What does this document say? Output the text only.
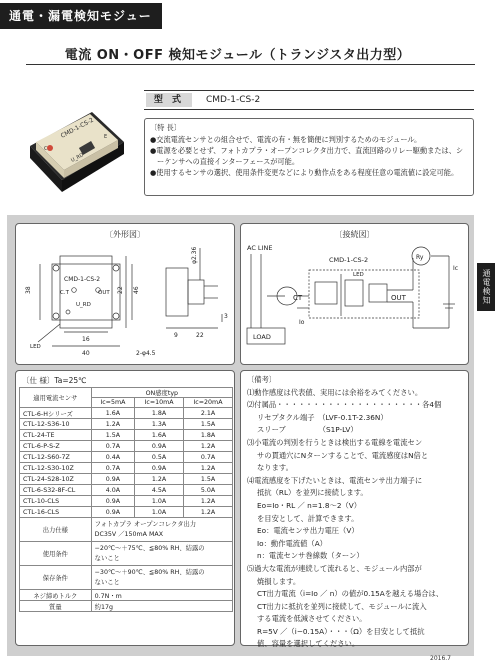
通電・漏電検知モジュール
電流 ON・OFF 検知モジュール（トランジスタ出力型）
CMD-1-CS-2
C
E
U_RD
型 式	CMD-1-CS-2
〔特 長〕
●交流電流センサとの組合せで、電流の有・無を簡便に判別するためのモジュール。
●電源を必要とせず、フォトカプラ・オープンコレクタ出力で、直流回路のリレー駆動または、シーケンサへの直接インターフェースが可能。
●使用するセンサの選択、使用条件変更などにより動作点をある程度任意の電流値に設定可能。
通電検知
〔外形図〕
CMD-1-CS-2
C.T	OUT
U_RD
38	46
22
16
40	2-φ4.5
φ2.36
9	22
3
LED
〔接続図〕
AC LINE
CMD-1-CS-2
LED
CT	OUT
Io
Ic
Ry
LOAD
〔仕 様〕Ta=25℃
適用電流センサ	ON感度typ		
	Ic=5mA	Ic=10mA	Ic=20mA
CTL-6-Hシリーズ	1.6A	1.8A	2.1A
CTL-12-S36-10	1.2A	1.3A	1.5A
CTL-24-TE	1.5A	1.6A	1.8A
CTL-6-P-S-Z	0.7A	0.9A	1.2A
CTL-12-S60-7Z	0.4A	0.5A	0.7A
CTL-12-S30-10Z	0.7A	0.9A	1.2A
CTL-24-S28-10Z	0.9A	1.2A	1.5A
CTL-6-S32-8F-CL	4.0A	4.5A	5.0A
CTL-10-CLS	0.9A	1.0A	1.2A
CTL-16-CLS	0.9A	1.0A	1.2A
出力仕様	フォトカプラ オープンコレクタ出力
DC35V ／150mA MAX		
使用条件	−20℃〜＋75℃、≦80% RH、結露の
ないこと		
保存条件	−30℃〜＋90℃、≦80% RH、結露の
ないこと		
ネジ締めトルク	0.7N・m		
質量	約17g		

〔備考〕

⑴動作感度は代表値、実用には余裕をみてください。

⑵付属品・・・・・・・・・・・・・・・・・・・・各4個

リセプタクル端子　（LVF-0.1T-2.36N）

スリーブ　　　　　（S1P-LV）

⑶小電流の判別を行うときは検出する電線を電流セン

サの貫通穴にNターンすることで、電流感度はN倍と

なります。

⑷電流感度を下げたいときは、電流センサ出力端子に

抵抗（RL）を並列に接続します。

Eo=Io・RL ／ n=1.8〜2（V）

を目安として、計算できます。

Eo：電流センサ出力電圧（V）

Io：動作電流値（A）

n：電流センサ巻線数（ターン）

⑸過大な電流が連続して流れると、モジュール内部が

焼損します。

CT出力電流（i=Io ／ n）の値が0.15Aを越える場合は、

CT出力に抵抗を並列に接続して、モジュールに流入

する電流を低減させてください。

R=5V ／（i−0.15A）・・・（Ω）を目安として抵抗

値、容量を選択してください。

2016.7
